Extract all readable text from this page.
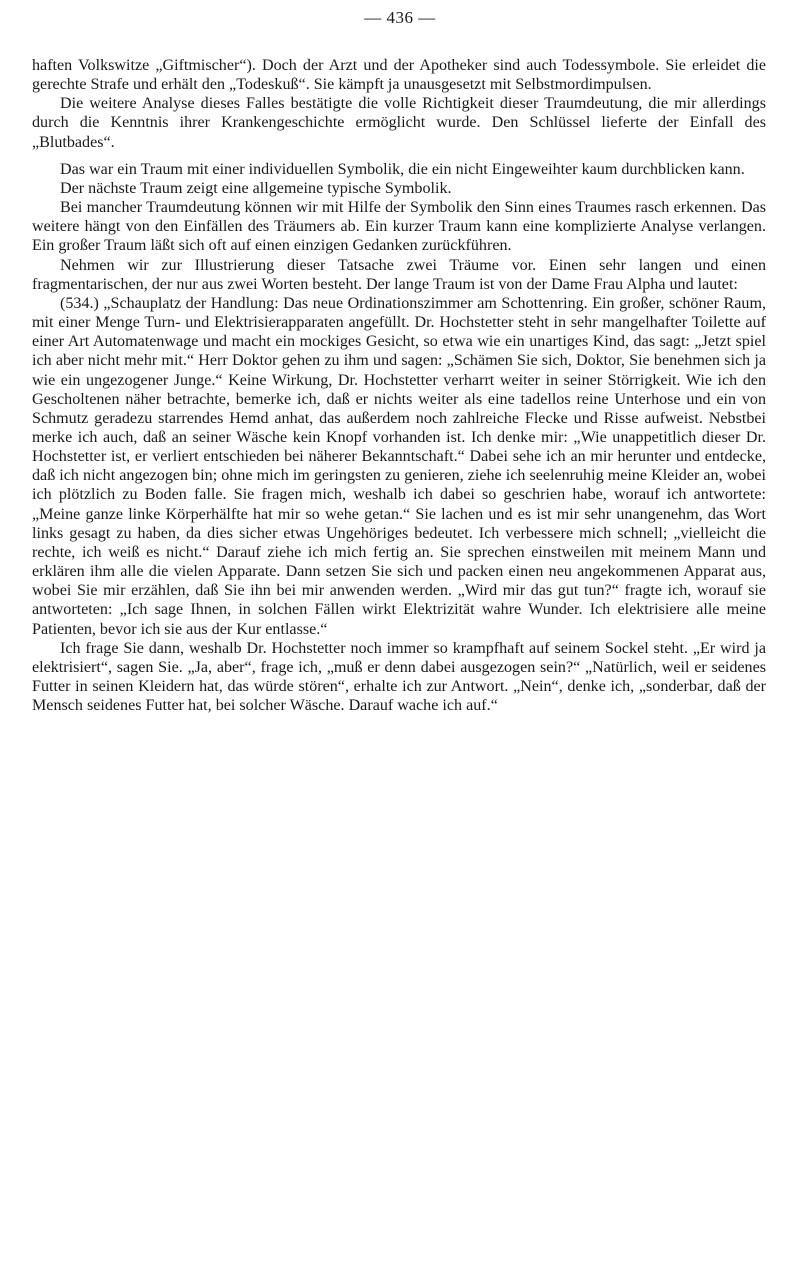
— 436 —

haften Volkswitze „Giftmischer“). Doch der Arzt und der Apotheker sind auch Todessymbole. Sie erleidet die gerechte Strafe und erhält den „Todeskuß“. Sie kämpft ja unausgesetzt mit Selbstmordimpulsen.

Die weitere Analyse dieses Falles bestätigte die volle Richtigkeit dieser Traumdeutung, die mir allerdings durch die Kenntnis ihrer Krankengeschichte ermöglicht wurde. Den Schlüssel lieferte der Einfall des „Blutbades“.

Das war ein Traum mit einer individuellen Symbolik, die ein nicht Eingeweihter kaum durchblicken kann.

Der nächste Traum zeigt eine allgemeine typische Symbolik.

Bei mancher Traumdeutung können wir mit Hilfe der Symbolik den Sinn eines Traumes rasch erkennen. Das weitere hängt von den Einfällen des Träumers ab. Ein kurzer Traum kann eine komplizierte Analyse verlangen. Ein großer Traum läßt sich oft auf einen einzigen Gedanken zurückführen.

Nehmen wir zur Illustrierung dieser Tatsache zwei Träume vor. Einen sehr langen und einen fragmentarischen, der nur aus zwei Worten besteht. Der lange Traum ist von der Dame Frau Alpha und lautet:

(534.) „Schauplatz der Handlung: Das neue Ordinationszimmer am Schottenring. Ein großer, schöner Raum, mit einer Menge Turn- und Elektrisierapparaten angefüllt. Dr. Hochstetter steht in sehr mangelhafter Toilette auf einer Art Automatenwage und macht ein mockiges Gesicht, so etwa wie ein unartiges Kind, das sagt: „Jetzt spiel ich aber nicht mehr mit.“ Herr Doktor gehen zu ihm und sagen: „Schämen Sie sich, Doktor, Sie benehmen sich ja wie ein ungezogener Junge.“ Keine Wirkung, Dr. Hochstetter verharrt weiter in seiner Störrigkeit. Wie ich den Gescholtenen näher betrachte, bemerke ich, daß er nichts weiter als eine tadellos reine Unterhose und ein von Schmutz geradezu starrendes Hemd anhat, das außerdem noch zahlreiche Flecke und Risse aufweist. Nebstbei merke ich auch, daß an seiner Wäsche kein Knopf vorhanden ist. Ich denke mir: „Wie unappetitlich dieser Dr. Hochstetter ist, er verliert entschieden bei näherer Bekanntschaft.“ Dabei sehe ich an mir herunter und entdecke, daß ich nicht angezogen bin; ohne mich im geringsten zu genieren, ziehe ich seelenruhig meine Kleider an, wobei ich plötzlich zu Boden falle. Sie fragen mich, weshalb ich dabei so geschrien habe, worauf ich antwortete: „Meine ganze linke Körperhälfte hat mir so wehe getan.“ Sie lachen und es ist mir sehr unangenehm, das Wort links gesagt zu haben, da dies sicher etwas Ungehöriges bedeutet. Ich verbessere mich schnell; „vielleicht die rechte, ich weiß es nicht.“ Darauf ziehe ich mich fertig an. Sie sprechen einstweilen mit meinem Mann und erklären ihm alle die vielen Apparate. Dann setzen Sie sich und packen einen neu angekommenen Apparat aus, wobei Sie mir erzählen, daß Sie ihn bei mir anwenden werden. „Wird mir das gut tun?“ fragte ich, worauf sie antworteten: „Ich sage Ihnen, in solchen Fällen wirkt Elektrizität wahre Wunder. Ich elektrisiere alle meine Patienten, bevor ich sie aus der Kur entlasse.“

Ich frage Sie dann, weshalb Dr. Hochstetter noch immer so krampfhaft auf seinem Sockel steht. „Er wird ja elektrisiert“, sagen Sie. „Ja, aber“, frage ich, „muß er denn dabei ausgezogen sein?“ „Natürlich, weil er seidenes Futter in seinen Kleidern hat, das würde stören“, erhalte ich zur Antwort. „Nein“, denke ich, „sonderbar, daß der Mensch seidenes Futter hat, bei solcher Wäsche. Darauf wache ich auf.“
